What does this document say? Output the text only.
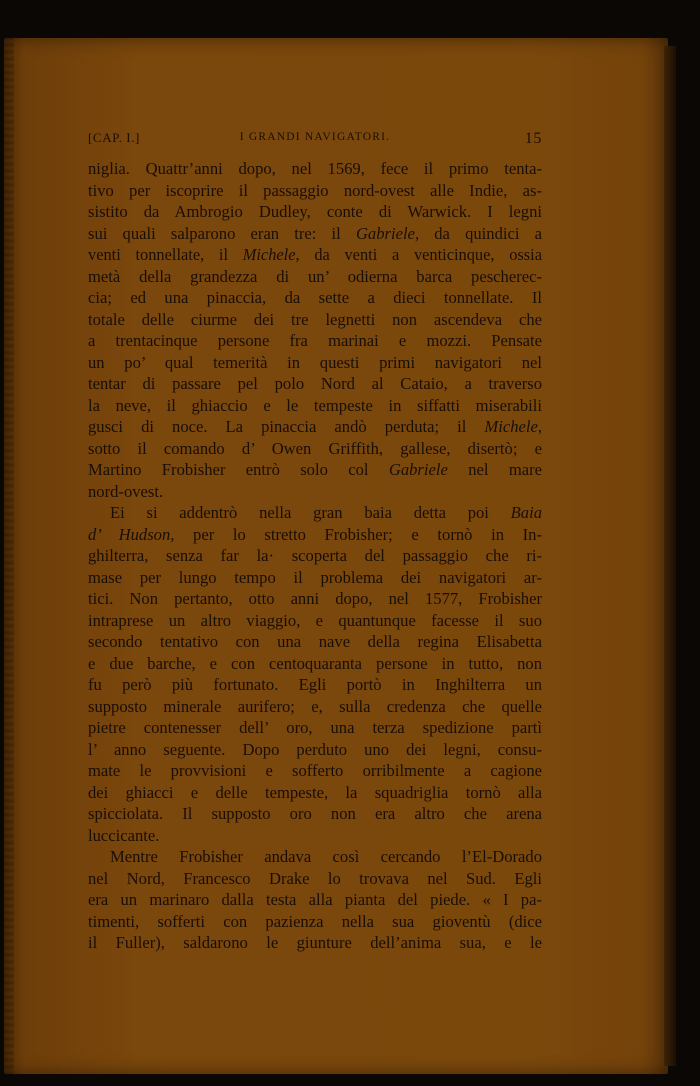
[CAP. I.]	I GRANDI NAVIGATORI.	15
niglia. Quattr’anni dopo, nel 1569, fece il primo tenta-
tivo per iscoprire il passaggio nord-ovest alle Indie, as-
sistito da Ambrogio Dudley, conte di Warwick. I legni
sui quali salparono eran tre: il Gabriele, da quindici a
venti tonnellate, il Michele, da venti a venticinque, ossia
metà della grandezza di un’ odierna barca pescherec-
cia; ed una pinaccia, da sette a dieci tonnellate. Il
totale delle ciurme dei tre legnetti non ascendeva che
a trentacinque persone fra marinai e mozzi. Pensate
un po’ qual temerità in questi primi navigatori nel
tentar di passare pel polo Nord al Cataio, a traverso
la neve, il ghiaccio e le tempeste in siffatti miserabili
gusci di noce. La pinaccia andò perduta; il Michele,
sotto il comando d’ Owen Griffith, gallese, disertò; e
Martino Frobisher entrò solo col Gabriele nel mare
nord-ovest.
Ei si addentrò nella gran baia detta poi Baia
d’ Hudson, per lo stretto Frobisher; e tornò in In-
ghilterra, senza far la· scoperta del passaggio che ri-
mase per lungo tempo il problema dei navigatori ar-
tici. Non pertanto, otto anni dopo, nel 1577, Frobisher
intraprese un altro viaggio, e quantunque facesse il suo
secondo tentativo con una nave della regina Elisabetta
e due barche, e con centoquaranta persone in tutto, non
fu però più fortunato. Egli portò in Inghilterra un
supposto minerale aurifero; e, sulla credenza che quelle
pietre contenesser dell’ oro, una terza spedizione partì
l’ anno seguente. Dopo perduto uno dei legni, consu-
mate le provvisioni e sofferto orribilmente a cagione
dei ghiacci e delle tempeste, la squadriglia tornò alla
spicciolata. Il supposto oro non era altro che arena
luccicante.
Mentre Frobisher andava così cercando l’El-Dorado
nel Nord, Francesco Drake lo trovava nel Sud. Egli
era un marinaro dalla testa alla pianta del piede. « I pa-
timenti, sofferti con pazienza nella sua gioventù (dice
il Fuller), saldarono le giunture dell’anima sua, e le
